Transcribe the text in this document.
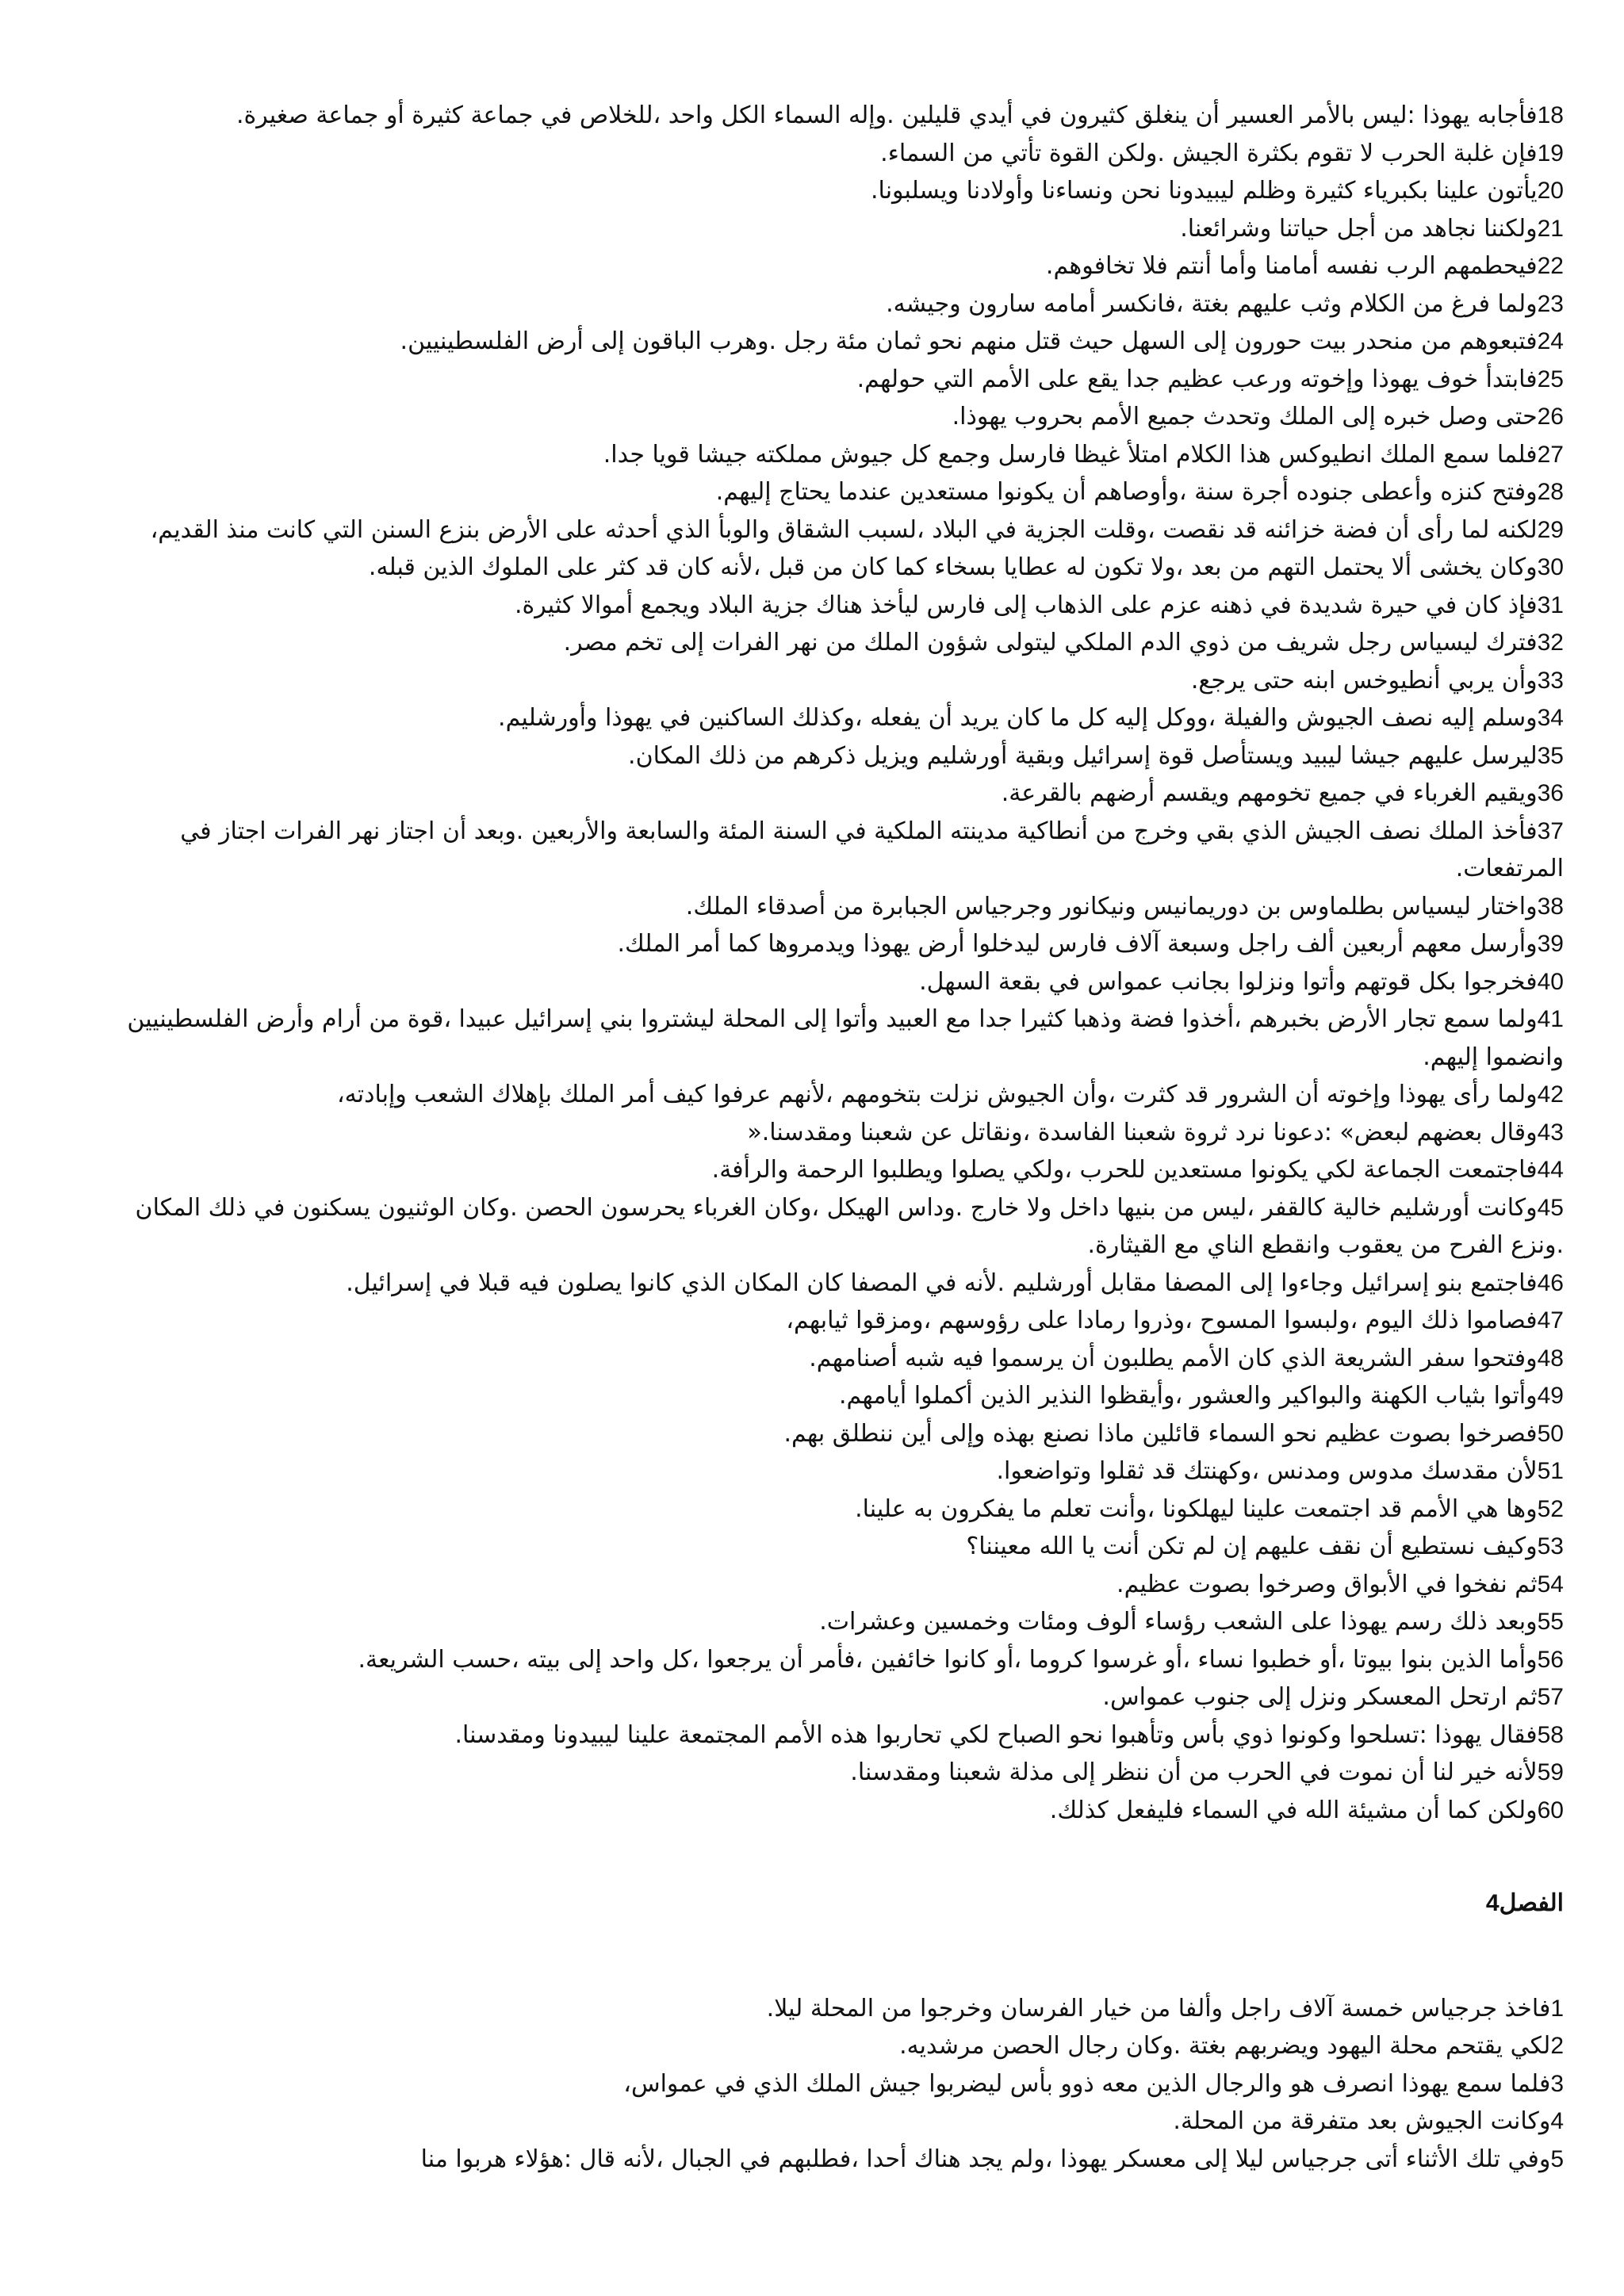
18فأجابه يهوذا :ليس بالأمر العسير أن ينغلق كثيرون في أيدي قليلين .وإله السماء الكل واحد ،للخلاص في جماعة كثيرة أو جماعة صغيرة.

19فإن غلبة الحرب لا تقوم بكثرة الجيش .ولكن القوة تأتي من السماء.

20يأتون علينا بكبرياء كثيرة وظلم ليبيدونا نحن ونساءنا وأولادنا ويسلبونا.

21ولكننا نجاهد من أجل حياتنا وشرائعنا.

22فيحطمهم الرب نفسه أمامنا وأما أنتم فلا تخافوهم.

23ولما فرغ من الكلام وثب عليهم بغتة ،فانكسر أمامه سارون وجيشه.

24فتبعوهم من منحدر بيت حورون إلى السهل حيث قتل منهم نحو ثمان مئة رجل .وهرب الباقون إلى أرض الفلسطينيين.

25فابتدأ خوف يهوذا وإخوته ورعب عظيم جدا يقع على الأمم التي حولهم.

26حتى وصل خبره إلى الملك وتحدث جميع الأمم بحروب يهوذا.

27فلما سمع الملك انطيوكس هذا الكلام امتلأ غيظا فارسل وجمع كل جيوش مملكته جيشا قويا جدا.

28وفتح كنزه وأعطى جنوده أجرة سنة ،وأوصاهم أن يكونوا مستعدين عندما يحتاج إليهم.

29لكنه لما رأى أن فضة خزائنه قد نقصت ،وقلت الجزية في البلاد ،لسبب الشقاق والوبأ الذي أحدثه على الأرض بنزع السنن التي كانت منذ القديم،

30وكان يخشى ألا يحتمل التهم من بعد ،ولا تكون له عطايا بسخاء كما كان من قبل ،لأنه كان قد كثر على الملوك الذين قبله.

31فإذ كان في حيرة شديدة في ذهنه عزم على الذهاب إلى فارس ليأخذ هناك جزية البلاد ويجمع أموالا كثيرة.

32فترك ليسياس رجل شريف من ذوي الدم الملكي ليتولى شؤون الملك من نهر الفرات إلى تخم مصر.

33وأن يربي أنطيوخس ابنه حتى يرجع.

34وسلم إليه نصف الجيوش والفيلة ،ووكل إليه كل ما كان يريد أن يفعله ،وكذلك الساكنين في يهوذا وأورشليم.

35ليرسل عليهم جيشا ليبيد ويستأصل قوة إسرائيل وبقية أورشليم ويزيل ذكرهم من ذلك المكان.

36ويقيم الغرباء في جميع تخومهم ويقسم أرضهم بالقرعة.

37فأخذ الملك نصف الجيش الذي بقي وخرج من أنطاكية مدينته الملكية في السنة المئة والسابعة والأربعين .وبعد أن اجتاز نهر الفرات اجتاز في المرتفعات.

38واختار ليسياس بطلماوس بن دوريمانيس ونيكانور وجرجياس الجبابرة من أصدقاء الملك.

39وأرسل معهم أربعين ألف راجل وسبعة آلاف فارس ليدخلوا أرض يهوذا ويدمروها كما أمر الملك.

40فخرجوا بكل قوتهم وأتوا ونزلوا بجانب عمواس في بقعة السهل.

41ولما سمع تجار الأرض بخبرهم ،أخذوا فضة وذهبا كثيرا جدا مع العبيد وأتوا إلى المحلة ليشتروا بني إسرائيل عبيدا ،قوة من أرام وأرض الفلسطينيين وانضموا إليهم.

42ولما رأى يهوذا وإخوته أن الشرور قد كثرت ،وأن الجيوش نزلت بتخومهم ،لأنهم عرفوا كيف أمر الملك بإهلاك الشعب وإبادته،

43وقال بعضهم لبعض» :دعونا نرد ثروة شعبنا الفاسدة ،ونقاتل عن شعبنا ومقدسنا.«

44فاجتمعت الجماعة لكي يكونوا مستعدين للحرب ،ولكي يصلوا ويطلبوا الرحمة والرأفة.

45وكانت أورشليم خالية كالقفر ،ليس من بنيها داخل ولا خارج .وداس الهيكل ،وكان الغرباء يحرسون الحصن .وكان الوثنيون يسكنون في ذلك المكان .ونزع الفرح من يعقوب وانقطع الناي مع القيثارة.

46فاجتمع بنو إسرائيل وجاءوا إلى المصفا مقابل أورشليم .لأنه في المصفا كان المكان الذي كانوا يصلون فيه قبلا في إسرائيل.

47فصاموا ذلك اليوم ،ولبسوا المسوح ،وذروا رمادا على رؤوسهم ،ومزقوا ثيابهم،

48وفتحوا سفر الشريعة الذي كان الأمم يطلبون أن يرسموا فيه شبه أصنامهم.

49وأتوا بثياب الكهنة والبواكير والعشور ،وأيقظوا النذير الذين أكملوا أيامهم.

50فصرخوا بصوت عظيم نحو السماء قائلين ماذا نصنع بهذه وإلى أين ننطلق بهم.

51لأن مقدسك مدوس ومدنس ،وكهنتك قد ثقلوا وتواضعوا.

52وها هي الأمم قد اجتمعت علينا ليهلكونا ،وأنت تعلم ما يفكرون به علينا.

53وكيف نستطيع أن نقف عليهم إن لم تكن أنت يا الله معيننا؟

54ثم نفخوا في الأبواق وصرخوا بصوت عظيم.

55وبعد ذلك رسم يهوذا على الشعب رؤساء ألوف ومئات وخمسين وعشرات.

56وأما الذين بنوا بيوتا ،أو خطبوا نساء ،أو غرسوا كروما ،أو كانوا خائفين ،فأمر أن يرجعوا ،كل واحد إلى بيته ،حسب الشريعة.

57ثم ارتحل المعسكر ونزل إلى جنوب عمواس.

58فقال يهوذا :تسلحوا وكونوا ذوي بأس وتأهبوا نحو الصباح لكي تحاربوا هذه الأمم المجتمعة علينا ليبيدونا ومقدسنا.

59لأنه خير لنا أن نموت في الحرب من أن ننظر إلى مذلة شعبنا ومقدسنا.

60ولكن كما أن مشيئة الله في السماء فليفعل كذلك.

الفصل4

1فاخذ جرجياس خمسة آلاف راجل وألفا من خيار الفرسان وخرجوا من المحلة ليلا.

2لكي يقتحم محلة اليهود ويضربهم بغتة .وكان رجال الحصن مرشديه.

3فلما سمع يهوذا انصرف هو والرجال الذين معه ذوو بأس ليضربوا جيش الملك الذي في عمواس،

4وكانت الجيوش بعد متفرقة من المحلة.

5وفي تلك الأثناء أتى جرجياس ليلا إلى معسكر يهوذا ،ولم يجد هناك أحدا ،فطلبهم في الجبال ،لأنه قال :هؤلاء هربوا منا
